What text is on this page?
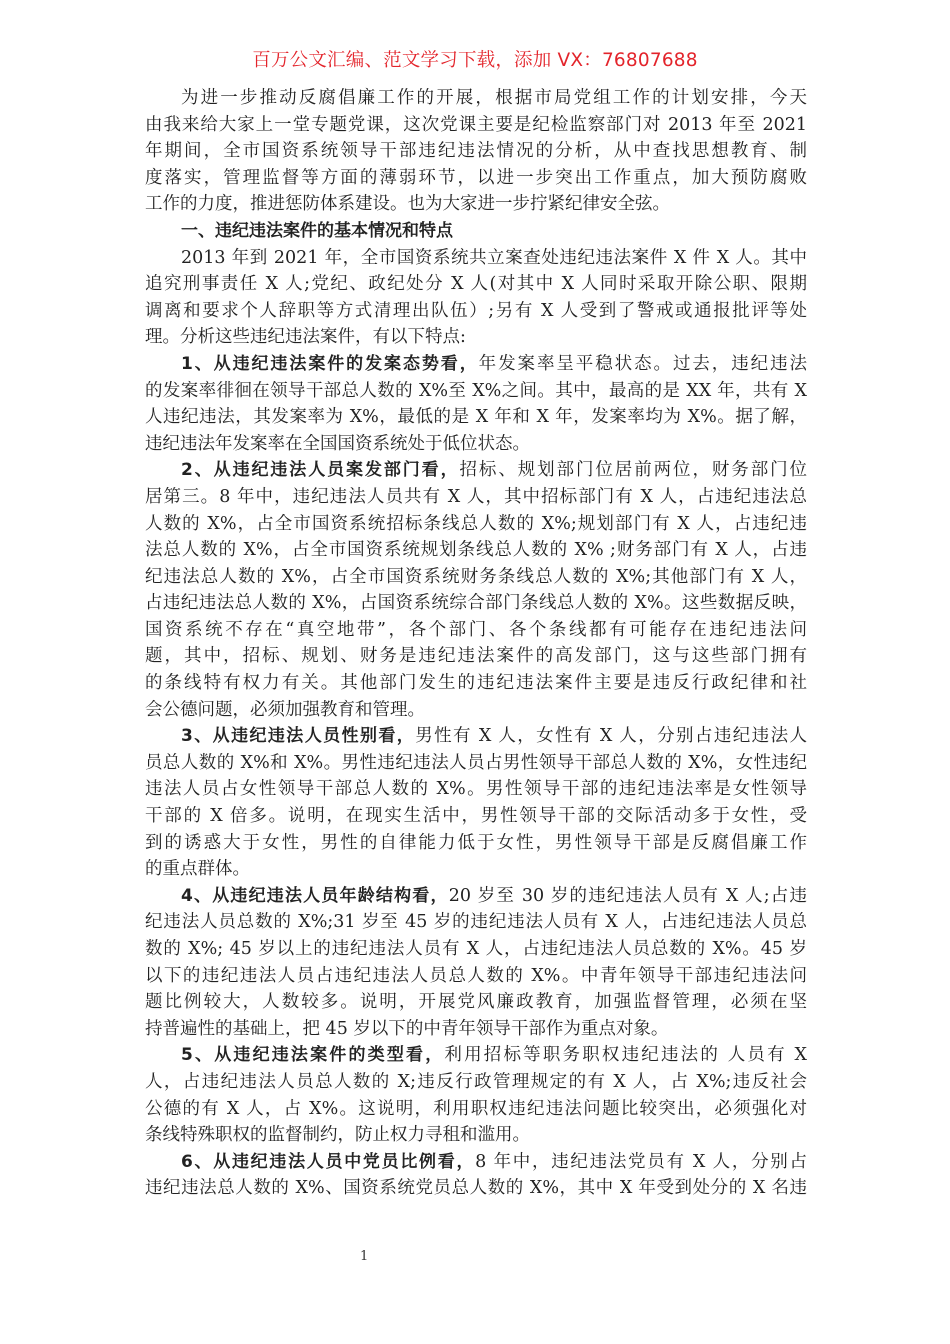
百万公文汇编、范文学习下载，添加 VX：76807688
为进一步推动反腐倡廉工作的开展，根据市局党组工作的计划安排，今天
由我来给大家上一堂专题党课，这次党课主要是纪检监察部门对 2013 年至 2021
年期间，全市国资系统领导干部违纪违法情况的分析，从中查找思想教育、制
度落实，管理监督等方面的薄弱环节，以进一步突出工作重点，加大预防腐败
工作的力度，推进惩防体系建设。也为大家进一步拧紧纪律安全弦。
一、违纪违法案件的基本情况和特点
2013 年到 2021 年，全市国资系统共立案查处违纪违法案件 X 件 X 人。其中
追究刑事责任 X 人;党纪、政纪处分 X 人(对其中 X 人同时采取开除公职、限期
调离和要求个人辞职等方式清理出队伍）;另有 X 人受到了警戒或通报批评等处
理。分析这些违纪违法案件，有以下特点:
1、从违纪违法案件的发案态势看，年发案率呈平稳状态。过去，违纪违法
的发案率徘徊在领导干部总人数的 X%至 X%之间。其中，最高的是 XX 年，共有 X
人违纪违法，其发案率为 X%，最低的是 X 年和 X 年，发案率均为 X%。据了解，
违纪违法年发案率在全国国资系统处于低位状态。
2、从违纪违法人员案发部门看，招标、规划部门位居前两位，财务部门位
居第三。8 年中，违纪违法人员共有 X 人，其中招标部门有 X 人，占违纪违法总
人数的 X%，占全市国资系统招标条线总人数的 X%;规划部门有 X 人，占违纪违
法总人数的 X%，占全市国资系统规划条线总人数的 X% ;财务部门有 X 人，占违
纪违法总人数的 X%，占全市国资系统财务条线总人数的 X%;其他部门有 X 人，
占违纪违法总人数的 X%，占国资系统综合部门条线总人数的 X%。这些数据反映，
国资系统不存在“真空地带”，各个部门、各个条线都有可能存在违纪违法问
题，其中，招标、规划、财务是违纪违法案件的高发部门，这与这些部门拥有
的条线特有权力有关。其他部门发生的违纪违法案件主要是违反行政纪律和社
会公德问题，必须加强教育和管理。
3、从违纪违法人员性别看，男性有 X 人，女性有 X 人，分别占违纪违法人
员总人数的 X%和 X%。男性违纪违法人员占男性领导干部总人数的 X%，女性违纪
违法人员占女性领导干部总人数的 X%。男性领导干部的违纪违法率是女性领导
干部的 X 倍多。说明，在现实生活中，男性领导干部的交际活动多于女性，受
到的诱惑大于女性，男性的自律能力低于女性，男性领导干部是反腐倡廉工作
的重点群体。
4、从违纪违法人员年龄结构看，20 岁至 30 岁的违纪违法人员有 X 人;占违
纪违法人员总数的 X%;31 岁至 45 岁的违纪违法人员有 X 人，占违纪违法人员总
数的 X%; 45 岁以上的违纪违法人员有 X 人，占违纪违法人员总数的 X%。45 岁
以下的违纪违法人员占违纪违法人员总人数的 X%。中青年领导干部违纪违法问
题比例较大，人数较多。说明，开展党风廉政教育，加强监督管理，必须在坚
持普遍性的基础上，把 45 岁以下的中青年领导干部作为重点对象。
5、从违纪违法案件的类型看，利用招标等职务职权违纪违法的 人员有 X
人，占违纪违法人员总人数的 X;违反行政管理规定的有 X 人，占 X%;违反社会
公德的有 X 人，占 X%。这说明，利用职权违纪违法问题比较突出，必须强化对
条线特殊职权的监督制约，防止权力寻租和滥用。
6、从违纪违法人员中党员比例看，8 年中，违纪违法党员有 X 人，分别占
违纪违法总人数的 X%、国资系统党员总人数的 X%，其中 X 年受到处分的 X 名违
1
